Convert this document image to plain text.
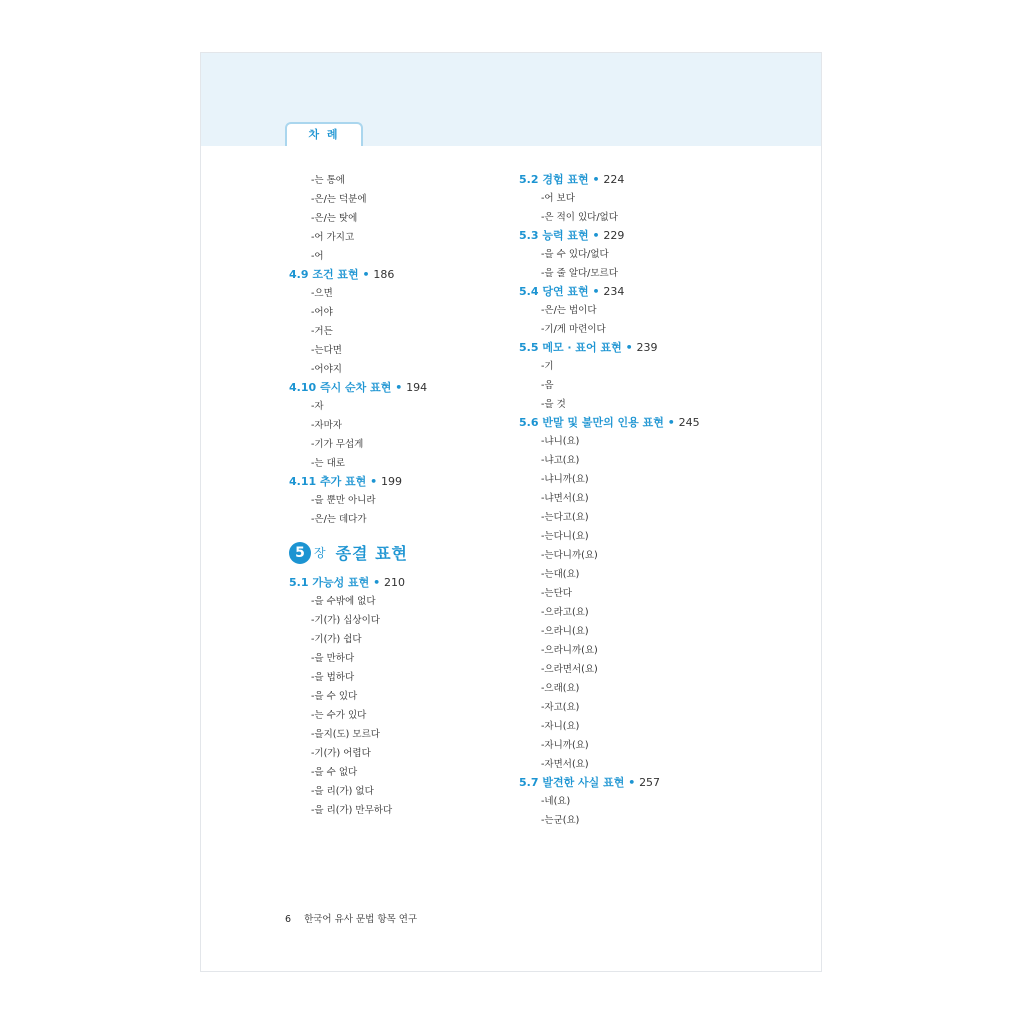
차 례
-는 통에
-은/는 덕분에
-은/는 탓에
-어 가지고
-어
4.9 조건 표현 • 186
-으면
-어야
-거든
-는다면
-어야지
4.10 즉시 순차 표현 • 194
-자
-자마자
-기가 무섭게
-는 대로
4.11 추가 표현 • 199
-을 뿐만 아니라
-은/는 데다가
5 장 종결 표현
5.1 가능성 표현 • 210
-을 수밖에 없다
-기(가) 십상이다
-기(가) 쉽다
-을 만하다
-을 법하다
-을 수 있다
-는 수가 있다
-을지(도) 모르다
-기(가) 어렵다
-을 수 없다
-을 리(가) 없다
-을 리(가) 만무하다
5.2 경험 표현 • 224
-어 보다
-은 적이 있다/없다
5.3 능력 표현 • 229
-을 수 있다/없다
-을 줄 알다/모르다
5.4 당연 표현 • 234
-은/는 법이다
-기/게 마련이다
5.5 메모 · 표어 표현 • 239
-기
-음
-을 것
5.6 반말 및 불만의 인용 표현 • 245
-냐니(요)
-냐고(요)
-냐니까(요)
-냐면서(요)
-는다고(요)
-는다니(요)
-는다니까(요)
-는대(요)
-는단다
-으라고(요)
-으라니(요)
-으라니까(요)
-으라면서(요)
-으래(요)
-자고(요)
-자니(요)
-자니까(요)
-자면서(요)
5.7 발견한 사실 표현 • 257
-네(요)
-는군(요)
6 한국어 유사 문법 항목 연구
